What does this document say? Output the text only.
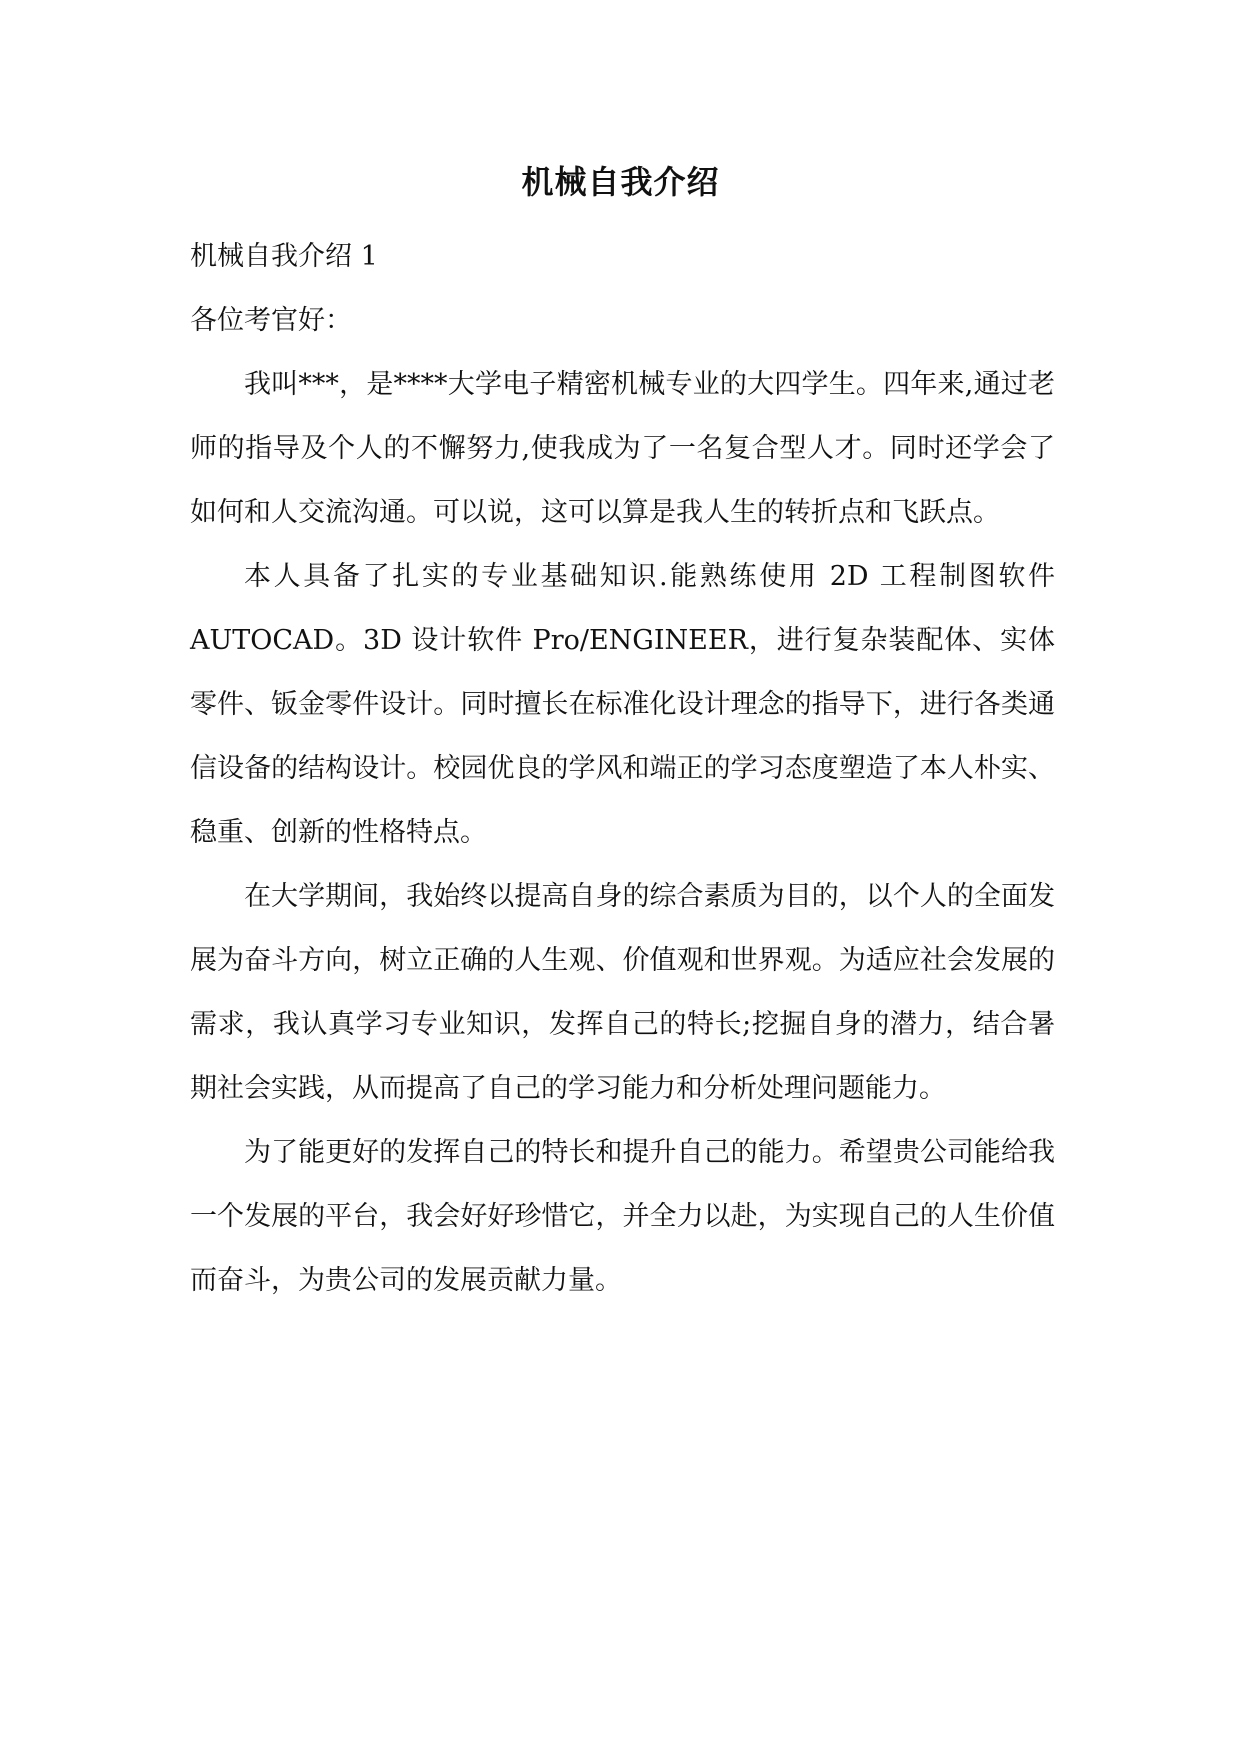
机械自我介绍

机械自我介绍 1

各位考官好：

我叫***，是****大学电子精密机械专业的大四学生。四年来,通过老师的指导及个人的不懈努力,使我成为了一名复合型人才。同时还学会了如何和人交流沟通。可以说，这可以算是我人生的转折点和飞跃点。

本人具备了扎实的专业基础知识.能熟练使用 2D 工程制图软件 AUTOCAD。3D 设计软件 Pro/ENGINEER，进行复杂装配体、实体零件、钣金零件设计。同时擅长在标准化设计理念的指导下，进行各类通信设备的结构设计。校园优良的学风和端正的学习态度塑造了本人朴实、稳重、创新的性格特点。

在大学期间，我始终以提高自身的综合素质为目的，以个人的全面发展为奋斗方向，树立正确的人生观、价值观和世界观。为适应社会发展的需求，我认真学习专业知识，发挥自己的特长;挖掘自身的潜力，结合暑期社会实践，从而提高了自己的学习能力和分析处理问题能力。

为了能更好的发挥自己的特长和提升自己的能力。希望贵公司能给我一个发展的平台，我会好好珍惜它，并全力以赴，为实现自己的人生价值而奋斗，为贵公司的发展贡献力量。
